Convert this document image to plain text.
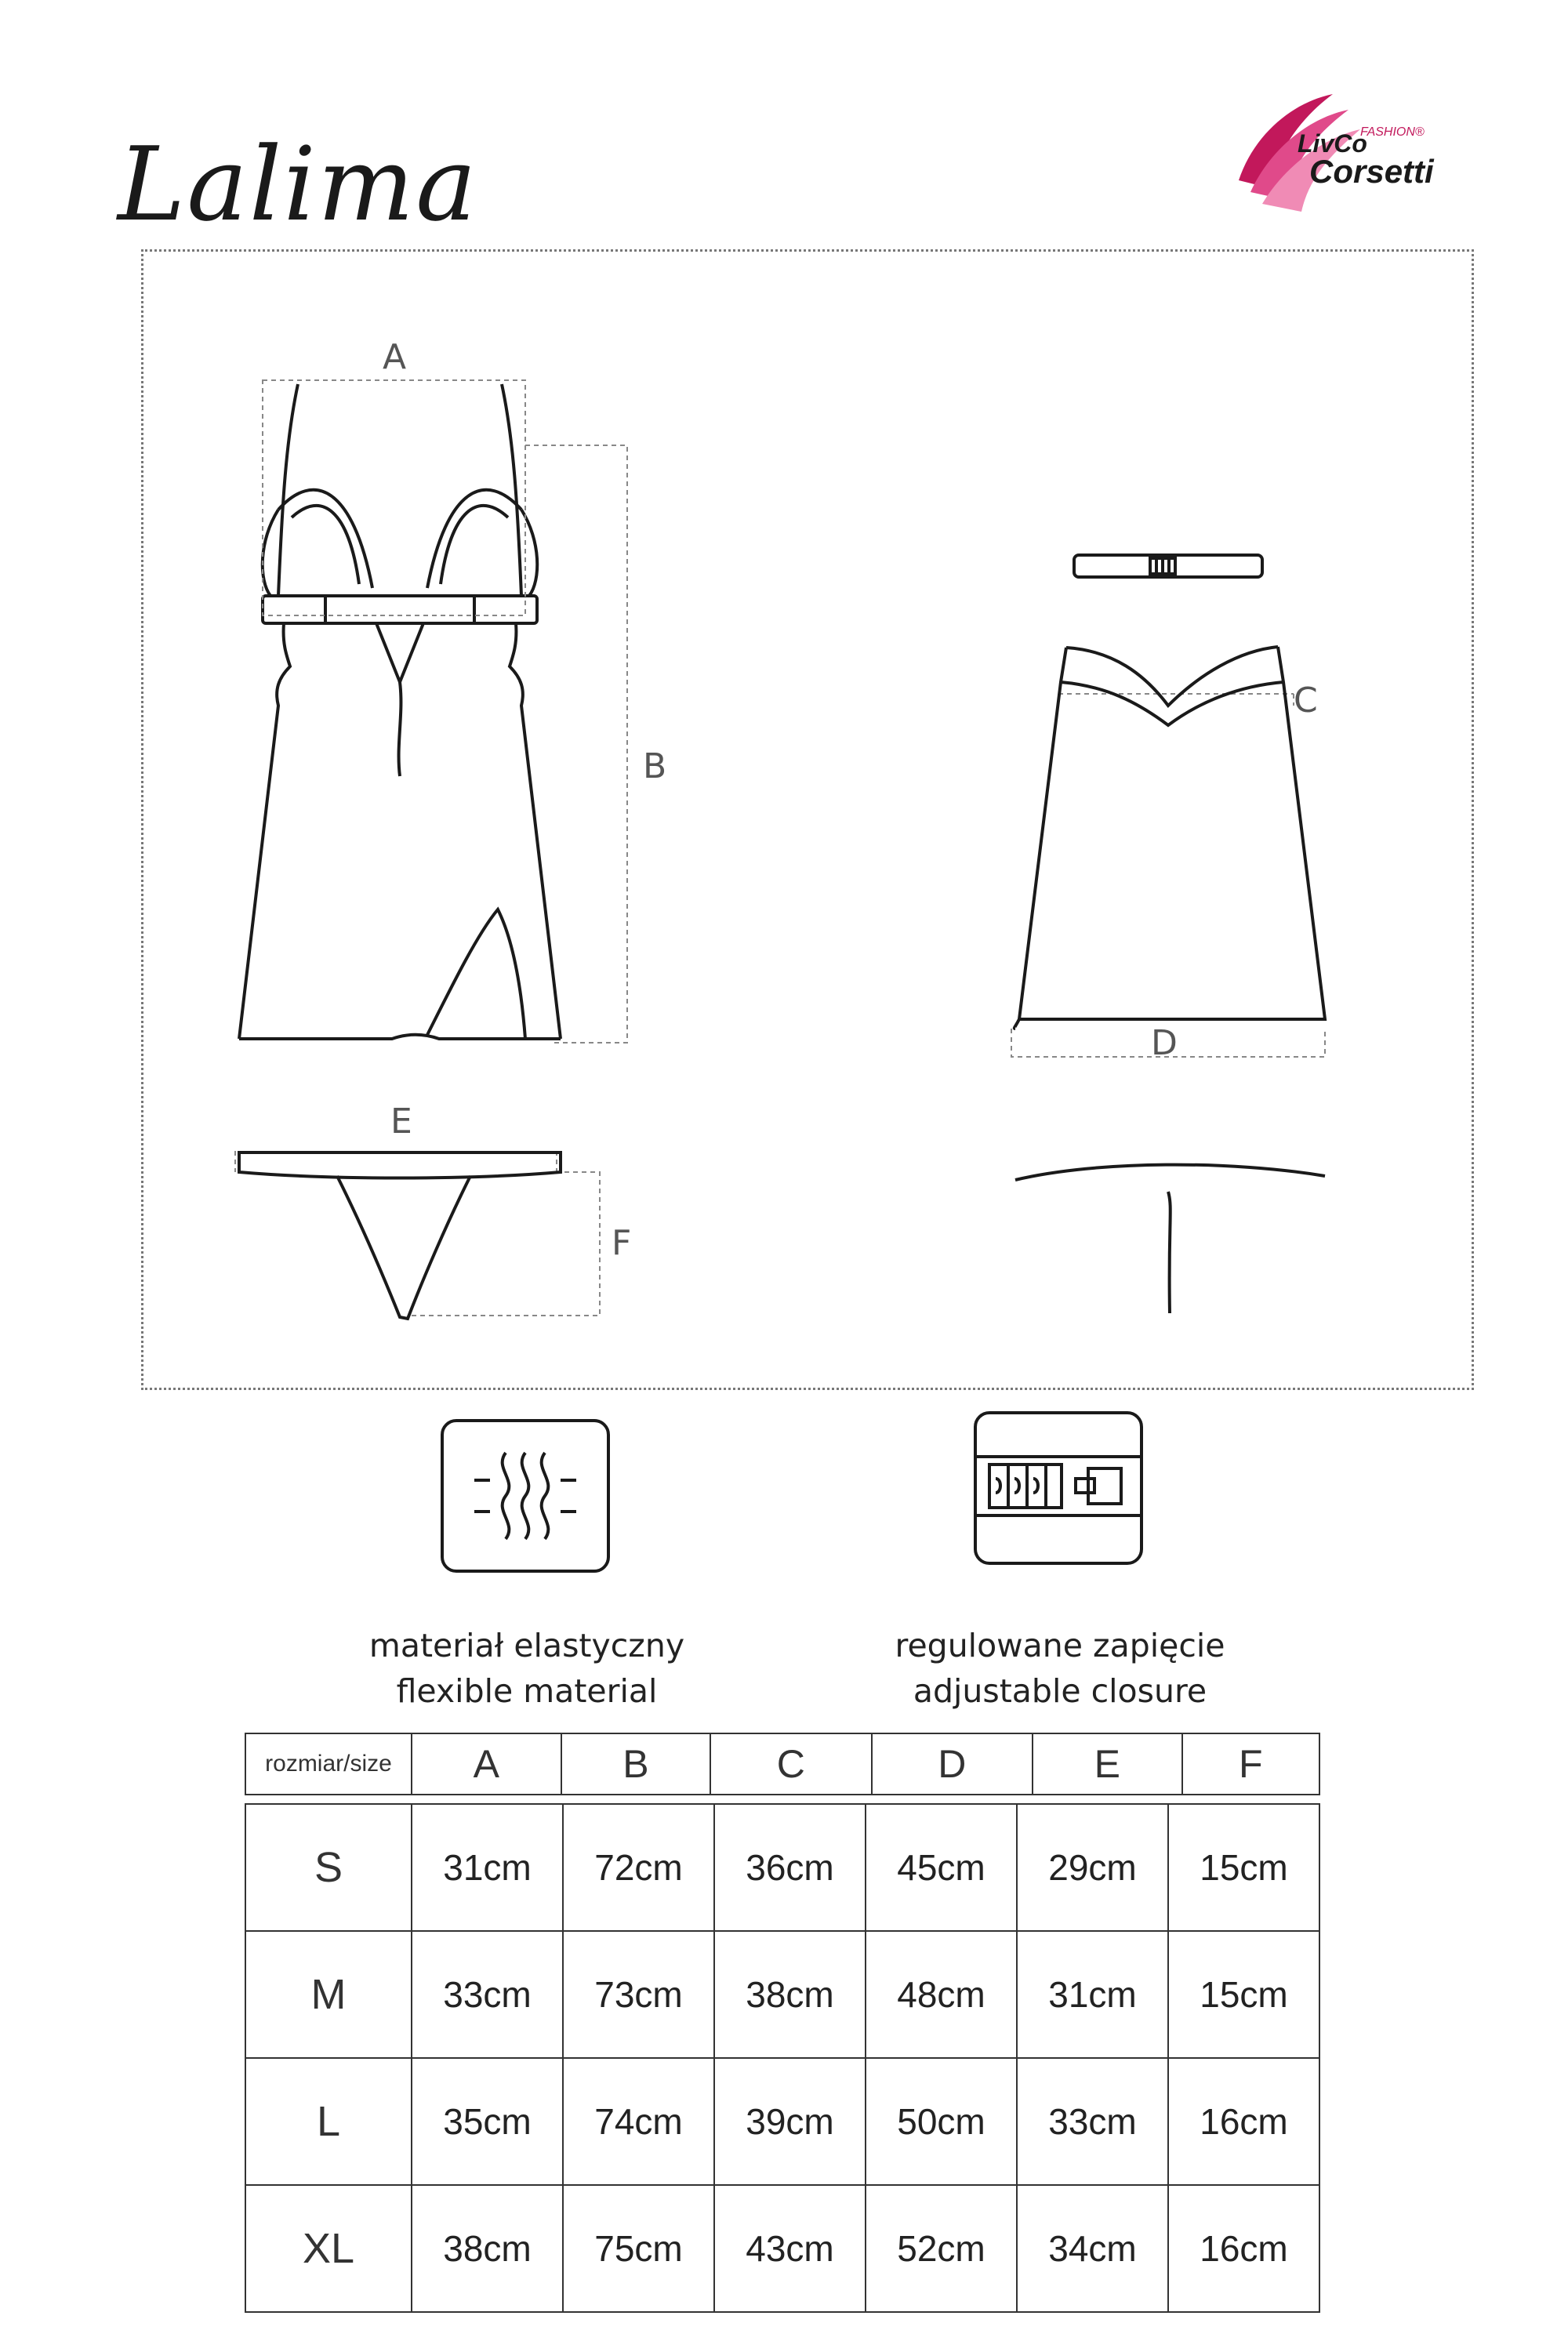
Lalima	LivCo
FASHION®
Corsetti
A
B
C
D
E
F
materiał elastyczny
flexible material
regulowane zapięcie
adjustable closure
rozmiar/size	A	B	C	D	E	F
S	31cm	72cm	36cm	45cm	29cm	15cm
M	33cm	73cm	38cm	48cm	31cm	15cm
L	35cm	74cm	39cm	50cm	33cm	16cm
XL	38cm	75cm	43cm	52cm	34cm	16cm
